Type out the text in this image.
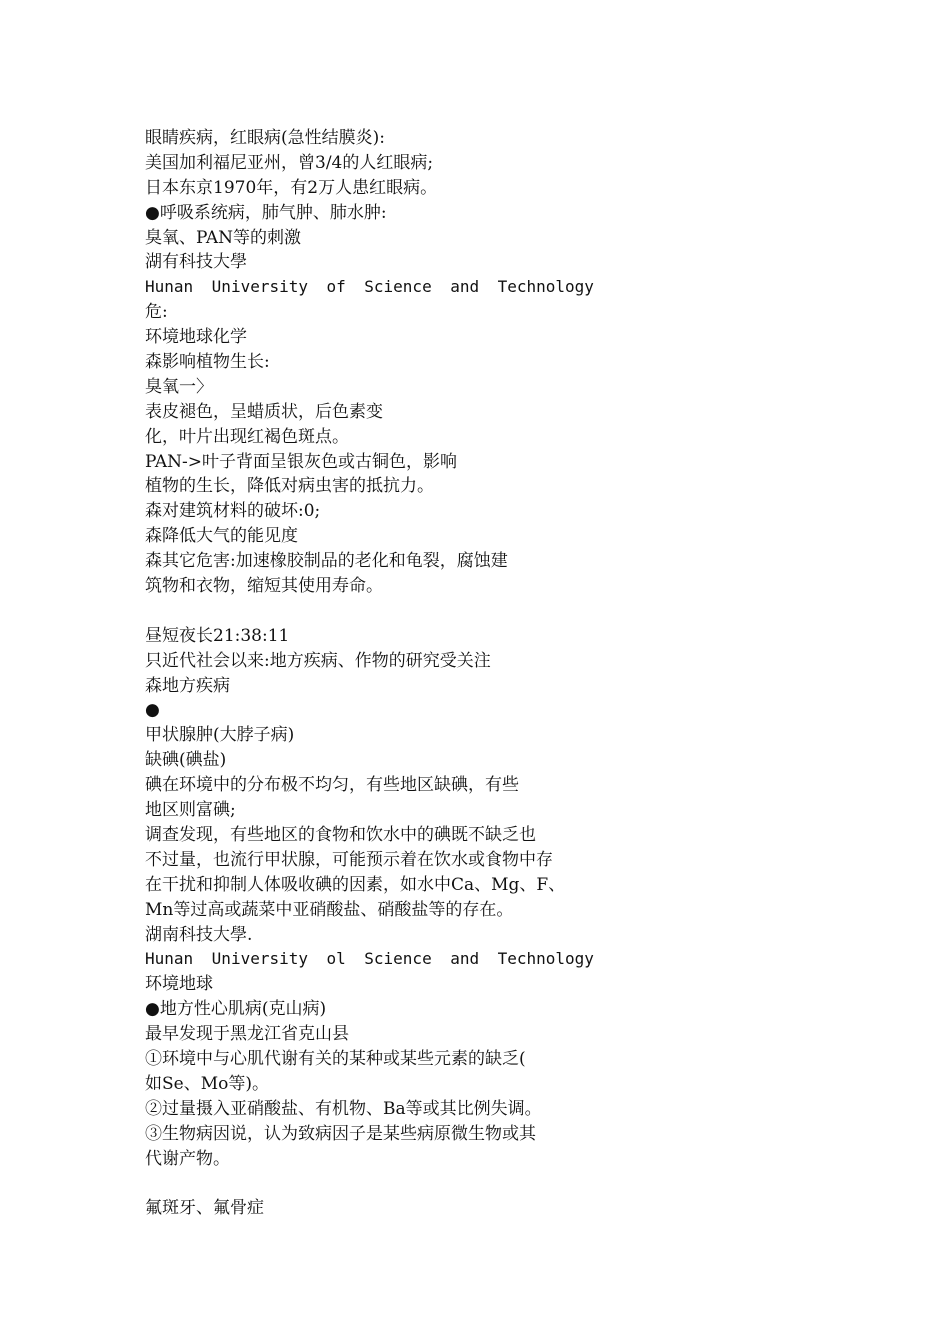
眼睛疾病，红眼病(急性结膜炎):
美国加利福尼亚州，曾3/4的人红眼病;
日本东京1970年，有2万人患红眼病。
●呼吸系统病，肺气肿、肺水肿:
臭氧、PAN等的刺激
湖有科技大學
Hunan University of Science and Technology
危:
环境地球化学
森影响植物生长:
臭氧一〉
表皮褪色，呈蜡质状，后色素变
化，叶片出现红褐色斑点。
PAN->叶子背面呈银灰色或古铜色，影响
植物的生长，降低对病虫害的抵抗力。
森对建筑材料的破坏:0;
森降低大气的能见度
森其它危害:加速橡胶制品的老化和龟裂，腐蚀建
筑物和衣物，缩短其使用寿命。
昼短夜长21:38:11
只近代社会以来:地方疾病、作物的研究受关注
森地方疾病
●
甲状腺肿(大脖子病)
缺碘(碘盐)
碘在环境中的分布极不均匀，有些地区缺碘，有些
地区则富碘;
调查发现，有些地区的食物和饮水中的碘既不缺乏也
不过量，也流行甲状腺，可能预示着在饮水或食物中存
在干扰和抑制人体吸收碘的因素，如水中Ca、Mg、F、
Mn等过高或蔬菜中亚硝酸盐、硝酸盐等的存在。
湖南科技大學.
Hunan University ol Science and Technology
环境地球
●地方性心肌病(克山病)
最早发现于黑龙江省克山县
①环境中与心肌代谢有关的某种或某些元素的缺乏(
如Se、Mo等)。
②过量摄入亚硝酸盐、有机物、Ba等或其比例失调。
③生物病因说，认为致病因子是某些病原微生物或其
代谢产物。
氟斑牙、氟骨症
